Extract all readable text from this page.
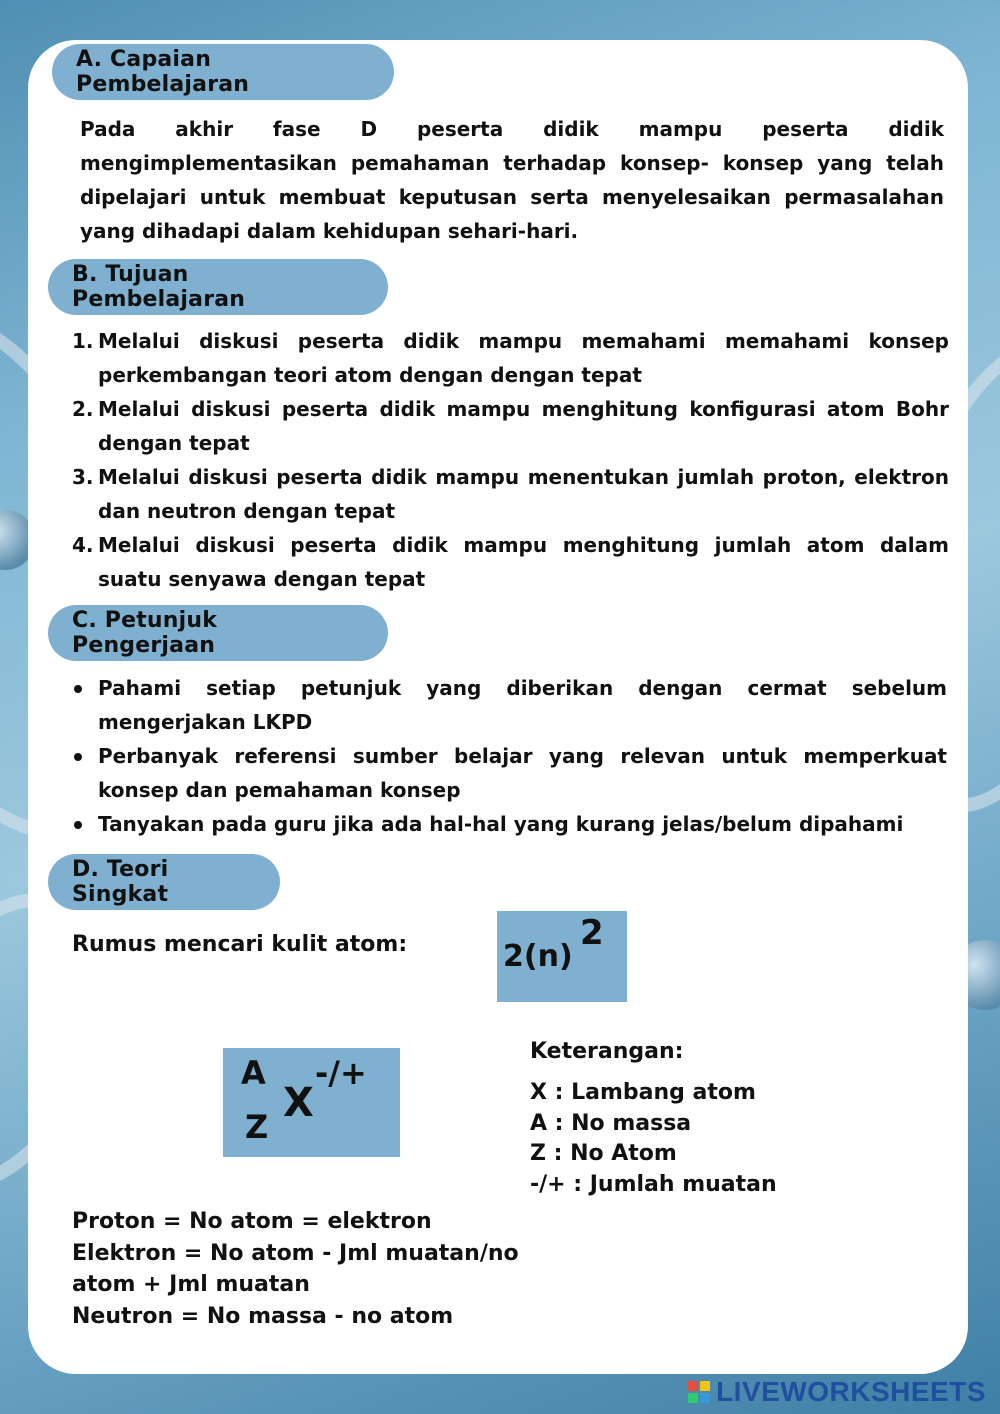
A. Capaian Pembelajaran

Pada akhir fase D peserta didik mampu peserta didik mengimplementasikan pemahaman terhadap konsep- konsep yang telah dipelajari untuk membuat keputusan serta menyelesaikan permasalahan yang dihadapi dalam kehidupan sehari-hari.

B. Tujuan Pembelajaran
1. Melalui diskusi peserta didik mampu memahami memahami konsep perkembangan teori atom dengan dengan tepat
2. Melalui diskusi peserta didik mampu menghitung konfigurasi atom Bohr dengan tepat
3. Melalui diskusi peserta didik mampu menentukan jumlah proton, elektron dan neutron dengan tepat
4. Melalui diskusi peserta didik mampu menghitung jumlah atom dalam suatu senyawa dengan tepat
C. Petunjuk Pengerjaan
Pahami setiap petunjuk yang diberikan dengan cermat sebelum mengerjakan LKPD
Perbanyak referensi sumber belajar yang relevan untuk memperkuat konsep dan pemahaman konsep
Tanyakan pada guru jika ada hal-hal yang kurang jelas/belum dipahami
D. Teori Singkat
Rumus mencari kulit atom:	2(n)
2
A
Z
X
-/+
Keterangan:
X : Lambang atom
A : No massa
Z : No Atom
-/+ : Jumlah muatan
Proton = No atom = elektron
Elektron = No atom - Jml muatan/no
atom + Jml muatan
Neutron = No massa - no atom
LIVEWORKSHEETS
